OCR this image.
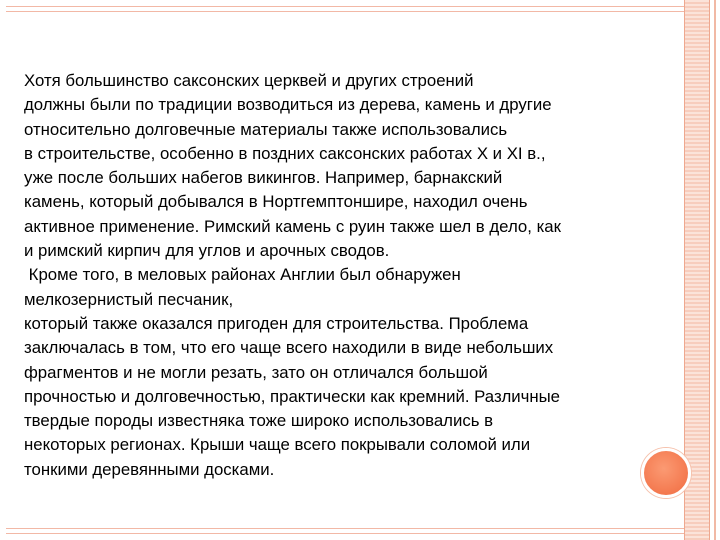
Хотя большинство саксонских церквей и других строений
должны были по традиции возводиться из дерева, камень и другие
относительно долговечные материалы также использовались
в строительстве, особенно в поздних саксонских работах X и XI в.,
уже после больших набегов викингов. Например, барнакский
камень, который добывался в Нортгемптоншире, находил очень
активное применение. Римский камень с руин также шел в дело, как
и римский кирпич для углов и арочных сводов.
Кроме того, в меловых районах Англии был обнаружен
мелкозернистый песчаник,
который также оказался пригоден для строительства. Проблема
заключалась в том, что его чаще всего находили в виде небольших
фрагментов и не могли резать, зато он отличался большой
прочностью и долговечностью, практически как кремний. Различные
твердые породы известняка тоже широко использовались в
некоторых регионах. Крыши чаще всего покрывали соломой или
тонкими деревянными досками.
